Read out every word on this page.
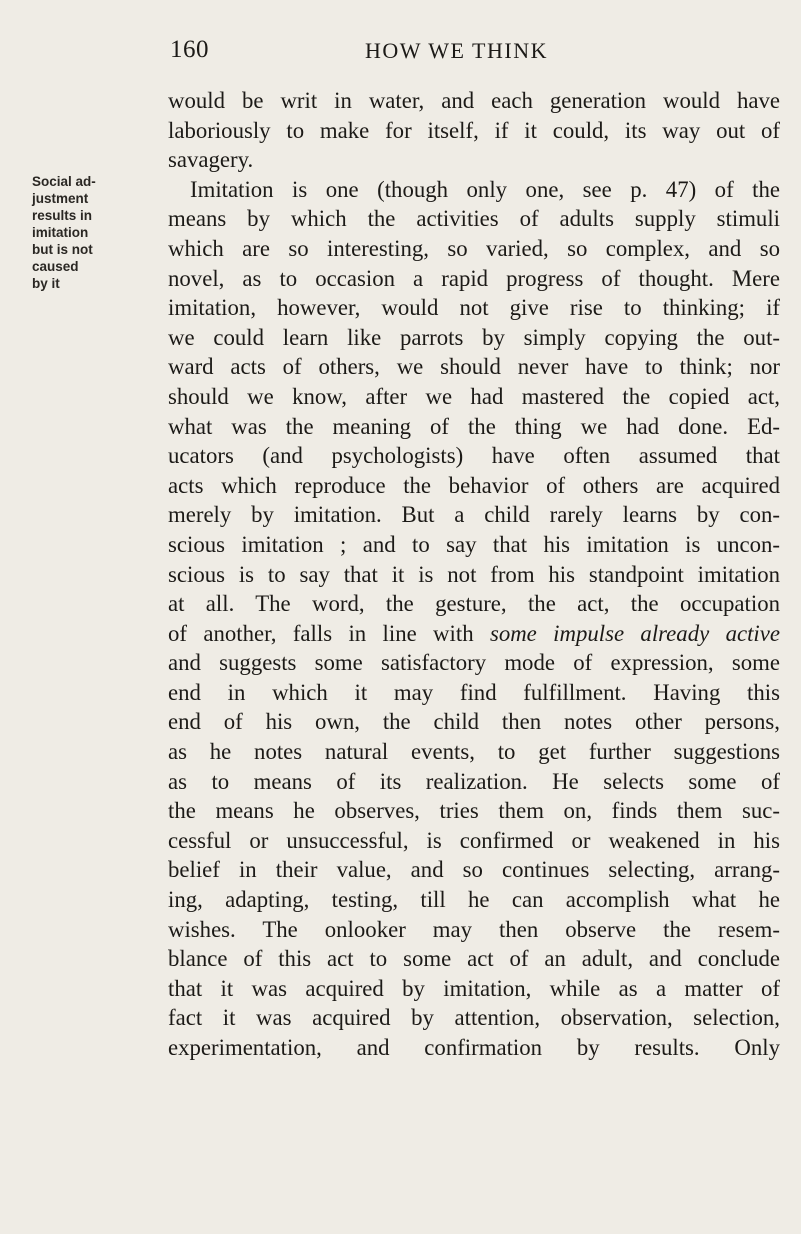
160	HOW WE THINK
Social ad-
justment
results in
imitation
but is not
caused
by it
would be writ in water, and each generation would have
laboriously to make for itself, if it could, its way out of
savagery.
Imitation is one (though only one, see p. 47) of the
means by which the activities of adults supply stimuli
which are so interesting, so varied, so complex, and so
novel, as to occasion a rapid progress of thought. Mere
imitation, however, would not give rise to thinking; if
we could learn like parrots by simply copying the out-
ward acts of others, we should never have to think; nor
should we know, after we had mastered the copied act,
what was the meaning of the thing we had done. Ed-
ucators (and psychologists) have often assumed that
acts which reproduce the behavior of others are acquired
merely by imitation. But a child rarely learns by con-
scious imitation ; and to say that his imitation is uncon-
scious is to say that it is not from his standpoint imitation
at all. The word, the gesture, the act, the occupation
of another, falls in line with some impulse already active
and suggests some satisfactory mode of expression, some
end in which it may find fulfillment. Having this
end of his own, the child then notes other persons,
as he notes natural events, to get further suggestions
as to means of its realization. He selects some of
the means he observes, tries them on, finds them suc-
cessful or unsuccessful, is confirmed or weakened in his
belief in their value, and so continues selecting, arrang-
ing, adapting, testing, till he can accomplish what he
wishes. The onlooker may then observe the resem-
blance of this act to some act of an adult, and conclude
that it was acquired by imitation, while as a matter of
fact it was acquired by attention, observation, selection,
experimentation, and confirmation by results. Only
